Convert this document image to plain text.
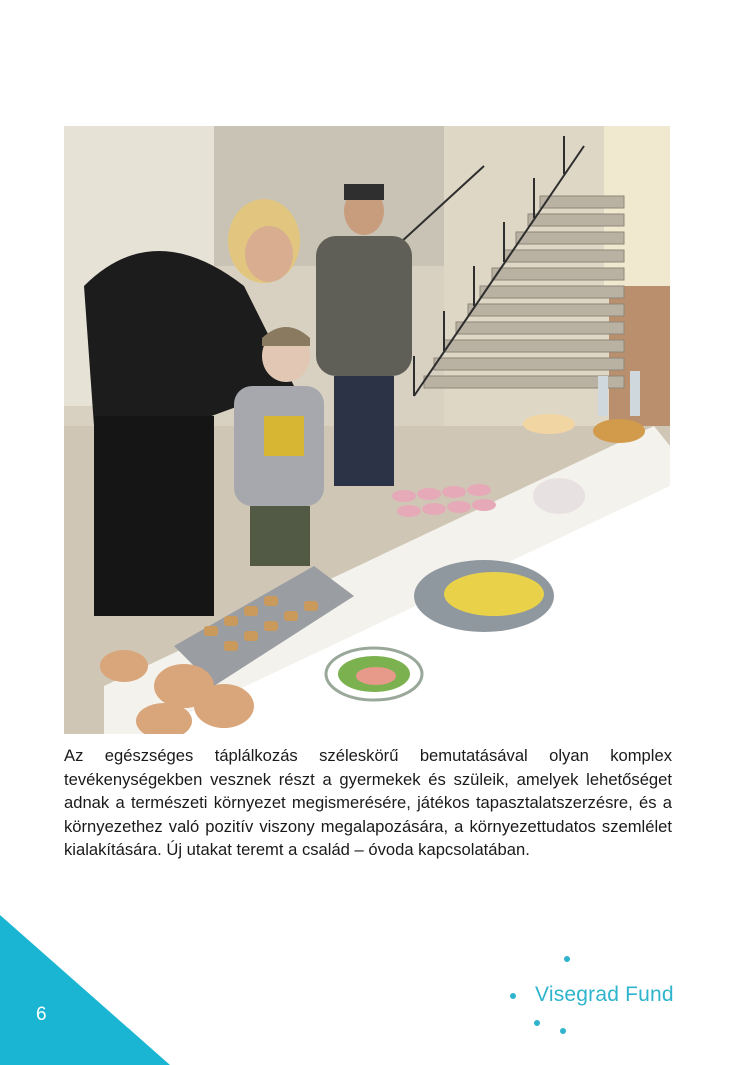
Az egészséges táplálkozás széleskörű bemutatásával olyan komplex tevékenységekben vesznek részt a gyermekek és szüleik, amelyek lehetőséget adnak a természeti környezet megismerésére, játékos tapasztalatszerzésre, és a környezethez való pozitív viszony megalapozására, a környezettudatos szemlélet kialakítására. Új utakat teremt a család – óvoda kapcsolatában.

6
Visegrad Fund
